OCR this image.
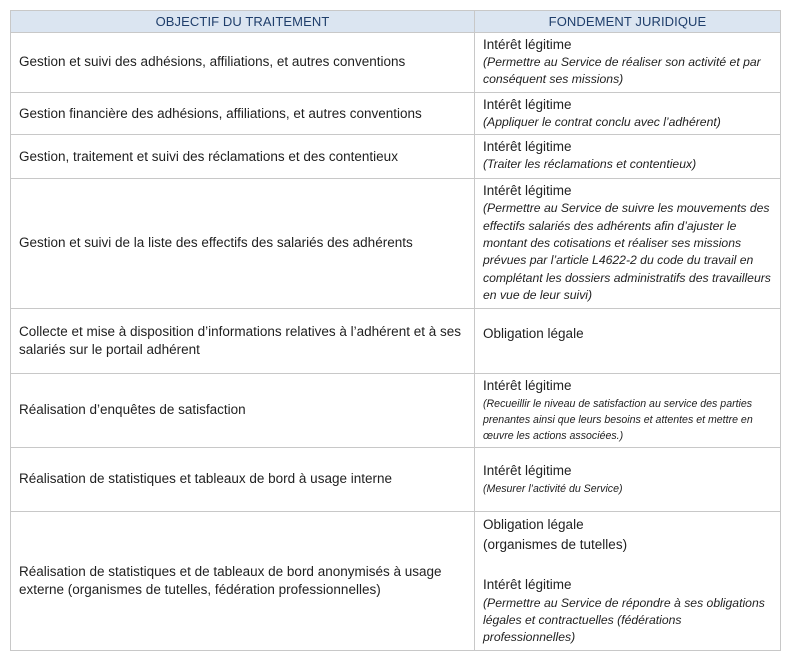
OBJECTIF DU TRAITEMENT	FONDEMENT JURIDIQUE
Gestion et suivi des adhésions, affiliations, et autres conventions	Intérêt légitime
(Permettre au Service de réaliser son activité et par conséquent ses missions)

Gestion financière des adhésions, affiliations, et autres conventions	Intérêt légitime
(Appliquer le contrat conclu avec l’adhérent)

Gestion, traitement et suivi des réclamations et des contentieux	Intérêt légitime
(Traiter les réclamations et contentieux)

Gestion et suivi de la liste des effectifs des salariés des adhérents	Intérêt légitime
(Permettre au Service de suivre les mouvements des effectifs salariés des adhérents afin d’ajuster le montant des cotisations et réaliser ses missions prévues par l’article L4622-2 du code du travail en complétant les dossiers administratifs des travailleurs en vue de leur suivi)

Collecte et mise à disposition d’informations relatives à l’adhérent et à ses salariés sur le portail adhérent	Obligation légale

Réalisation d’enquêtes de satisfaction	Intérêt légitime
(Recueillir le niveau de satisfaction au service des parties prenantes ainsi que leurs besoins et attentes et mettre en œuvre les actions associées.)

Réalisation de statistiques et tableaux de bord à usage interne	Intérêt légitime
(Mesurer l’activité du Service)

Réalisation de statistiques et de tableaux de bord anonymisés à usage externe (organismes de tutelles, fédération professionnelles)	Obligation légale
(organismes de tutelles)
Intérêt légitime
(Permettre au Service de répondre à ses obligations légales et contractuelles (fédérations professionnelles)
